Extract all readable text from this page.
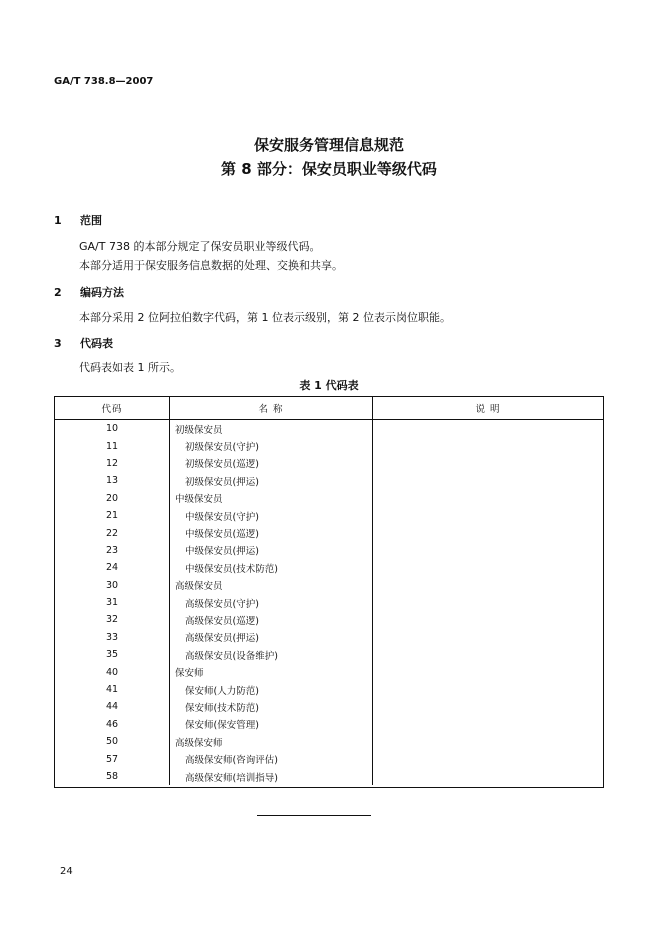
GA/T 738.8—2007
保安服务管理信息规范
第 8 部分：保安员职业等级代码
1 范围
GA/T 738 的本部分规定了保安员职业等级代码。
本部分适用于保安服务信息数据的处理、交换和共享。
2 编码方法
本部分采用 2 位阿拉伯数字代码，第 1 位表示级别，第 2 位表示岗位职能。
3 代码表
代码表如表 1 所示。
表 1 代码表
代码	名 称	说 明
10	初级保安员	
11	初级保安员(守护)	
12	初级保安员(巡逻)	
13	初级保安员(押运)	
20	中级保安员	
21	中级保安员(守护)	
22	中级保安员(巡逻)	
23	中级保安员(押运)	
24	中级保安员(技术防范)	
30	高级保安员	
31	高级保安员(守护)	
32	高级保安员(巡逻)	
33	高级保安员(押运)	
35	高级保安员(设备维护)	
40	保安师	
41	保安师(人力防范)	
44	保安师(技术防范)	
46	保安师(保安管理)	
50	高级保安师	
57	高级保安师(咨询评估)	
58	高级保安师(培训指导)	
24
